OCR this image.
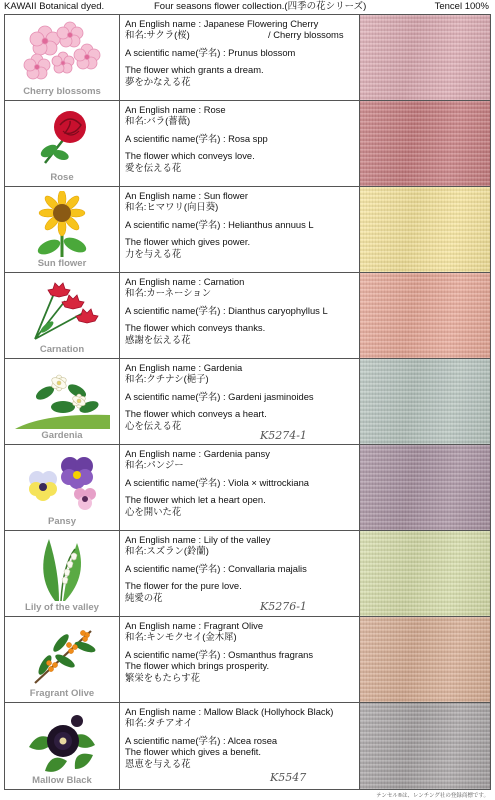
KAWAII Botanical dyed.	Four seasons flower collection.(四季の花シリーズ)	Tencel 100%
Cherry blossoms
An English name : Japanese Flowering Cherry
和名:サクラ(桜)	/ Cherry blossoms
A scientific name(学名) : Prunus blossom
The flower which grants a dream.
夢をかなえる花
Rose
An English name : Rose
和名:バラ(薔薇)
A scientific name(学名) : Rosa spp
The flower which conveys love.
愛を伝える花
Sun flower
An English name : Sun flower
和名:ヒマワリ(向日葵)
A scientific name(学名) : Helianthus annuus L
The flower which gives power.
力を与える花
Carnation
An English name : Carnation
和名:カーネーション
A scientific name(学名) : Dianthus caryophyllus L
The flower which conveys thanks.
感謝を伝える花
Gardenia
An English name : Gardenia
和名:クチナシ(梔子)
A scientific name(学名) : Gardeni jasminoides
The flower which conveys a heart.
心を伝える花
K5274-1
Pansy
An English name : Gardenia pansy
和名:パンジー
A scientific name(学名) : Viola × wittrockiana
The flower which let a heart open.
心を開いた花
Lily of the valley
An English name : Lily of the valley
和名:スズラン(鈴蘭)
A scientific name(学名) : Convallaria majalis
The flower for the pure love.
純愛の花
K5276-1
Fragrant Olive
An English name : Fragrant Olive
和名:キンモクセイ(金木犀)
A scientific name(学名) : Osmanthus fragrans
The flower which brings prosperity.
繁栄をもたらす花
Mallow Black
An English name : Mallow Black (Hollyhock Black)
和名:タチアオイ
A scientific name(学名) : Alcea rosea
The flower which gives a benefit.
恩恵を与える花
K5547
テンセル®は、レンチング社の登録商標です。
